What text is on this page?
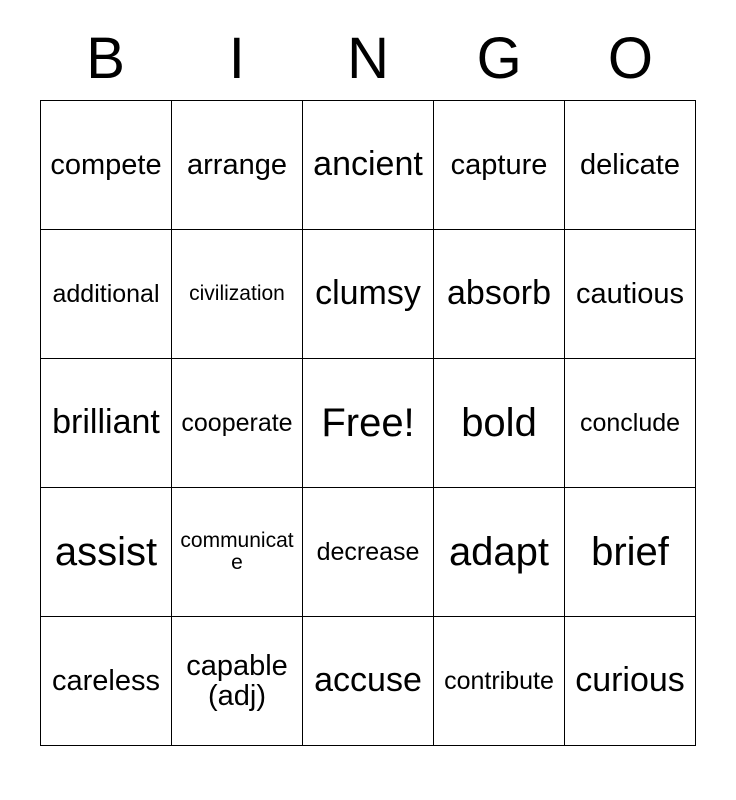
B	I	N	G	O
compete	arrange	ancient	capture	delicate
additional	civilization	clumsy	absorb	cautious
brilliant	cooperate	Free!	bold	conclude
assist	communicate	decrease	adapt	brief
careless	capable (adj)	accuse	contribute	curious
